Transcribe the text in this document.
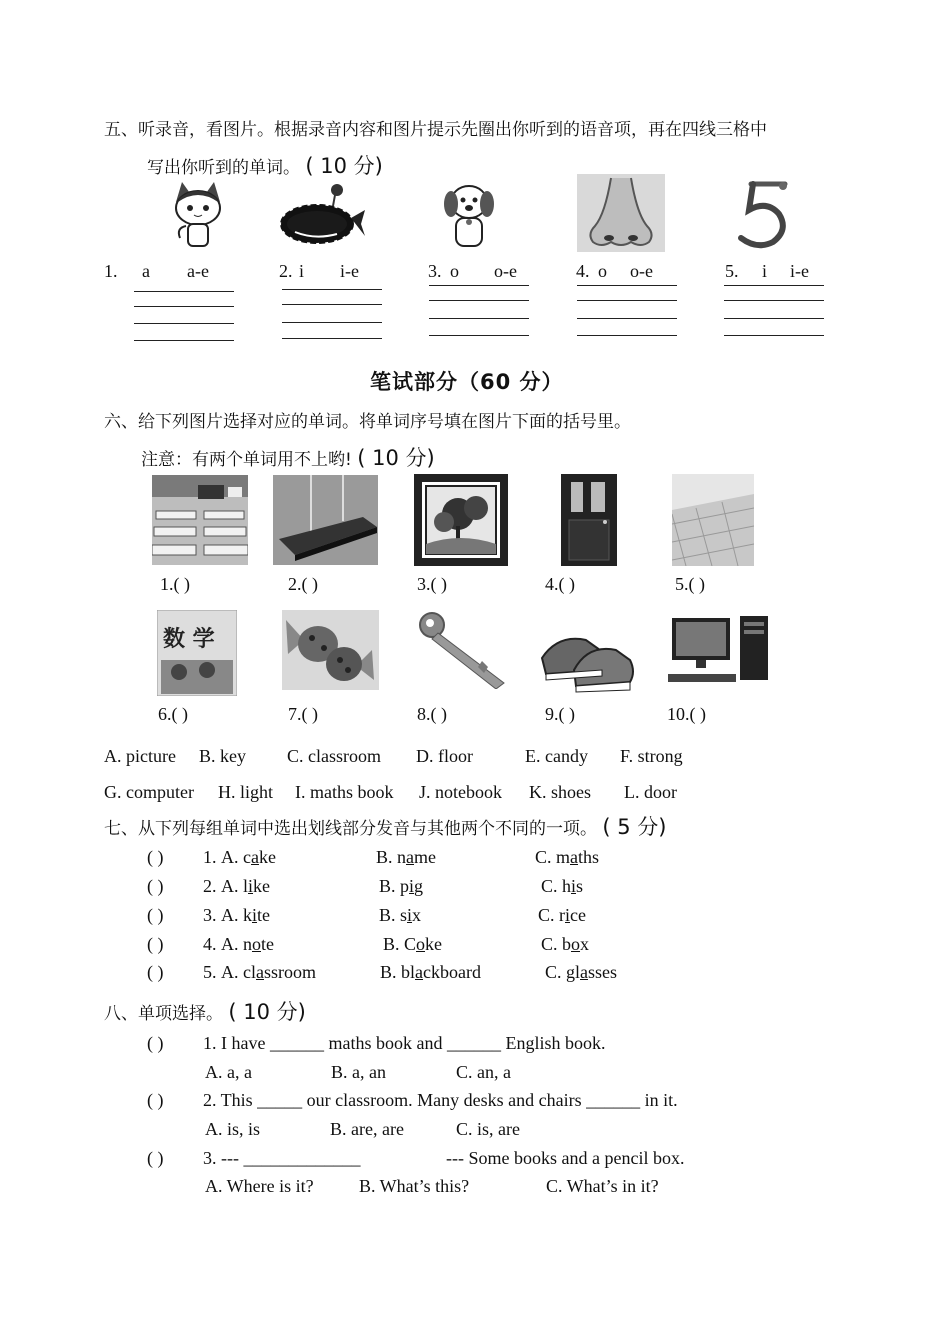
五、听录音，看图片。根据录音内容和图片提示先圈出你听到的语音项，再在四线三格中
写出你听到的单词。 ( 10 分)
1. a a-e	2. i i-e	3. o o-e	4. o o-e	5. i i-e
笔试部分（60 分）
六、给下列图片选择对应的单词。将单词序号填在图片下面的括号里。
注意：有两个单词用不上哟! ( 10 分)
1.( )	2.( )	3.( )	4.( )	5.( )
数 学
6.( )	7.( )	8.( )	9.( )	10.( )
A. picture B. key C. classroom D. floor	E. candy F. strong
G. computer H. light I. maths book J. notebook K. shoes L. door
七、从下列每组单词中选出划线部分发音与其他两个不同的一项。 ( 5 分)
( ) 1. A. cake	B. name	C. maths
( ) 2. A. like	B. pig	C. his
( ) 3. A. kite	B. six	C. rice
( ) 4. A. note	B. Coke	C. box
( ) 5. A. classroom	B. blackboard	C. glasses
八、单项选择。 ( 10 分)
( ) 1. I have ______ maths book and ______ English book.
A. a, a	B. a, an	C. an, a
( ) 2. This _____ our classroom. Many desks and chairs ______ in it.
A. is, is	B. are, are	C. is, are
( ) 3. --- _____________	--- Some books and a pencil box.
A. Where is it?	B. What’s this?	C. What’s in it?
